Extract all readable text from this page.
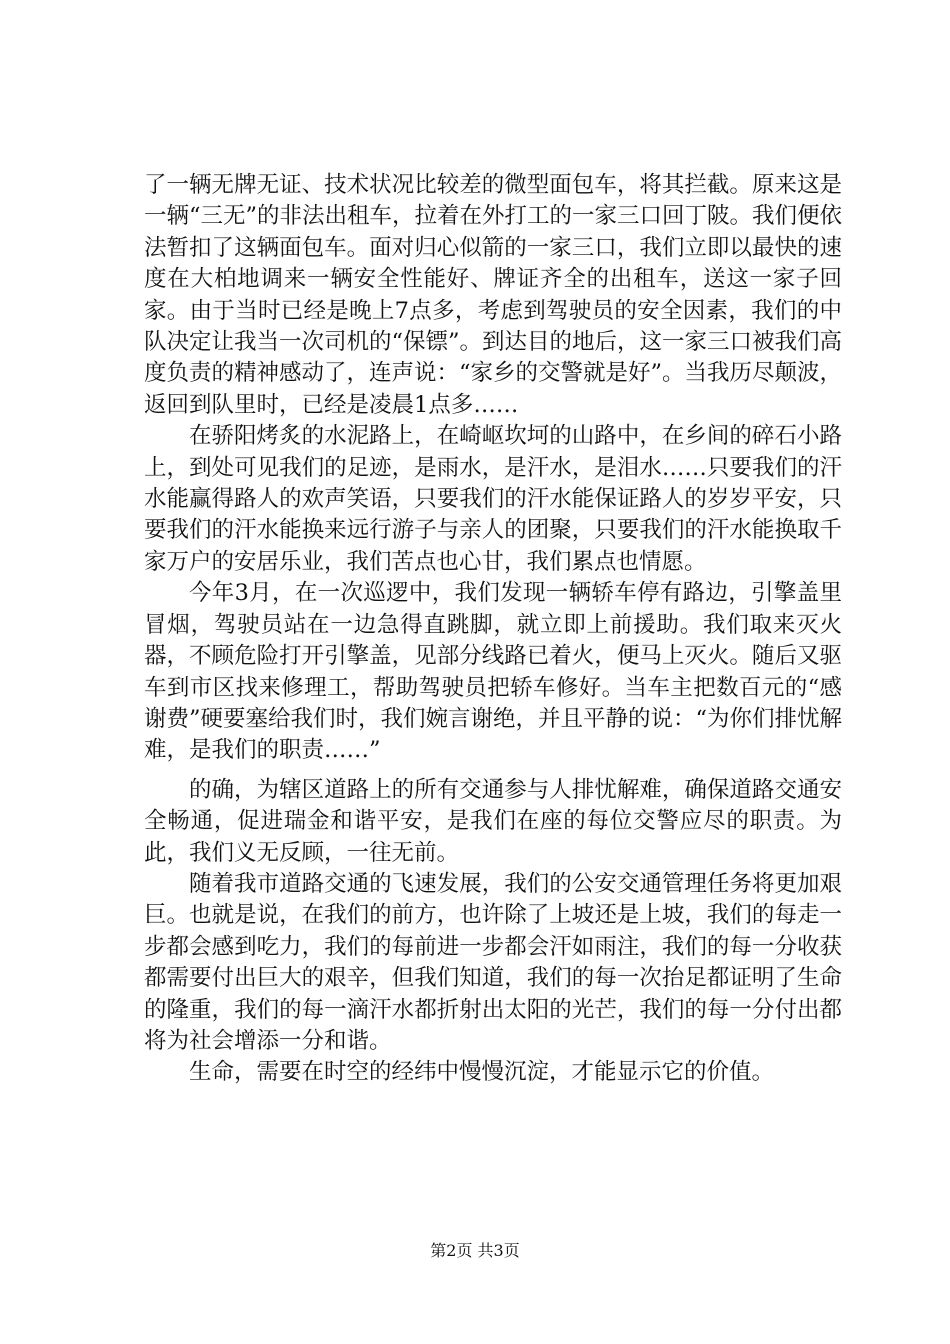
了一辆无牌无证、技术状况比较差的微型面包车，将其拦截。原来这是一辆“三无”的非法出租车，拉着在外打工的一家三口回丁陂。我们便依法暂扣了这辆面包车。面对归心似箭的一家三口，我们立即以最快的速度在大柏地调来一辆安全性能好、牌证齐全的出租车，送这一家子回家。由于当时已经是晚上7点多，考虑到驾驶员的安全因素，我们的中队决定让我当一次司机的“保镖”。到达目的地后，这一家三口被我们高度负责的精神感动了，连声说：“家乡的交警就是好”。当我历尽颠波，返回到队里时，已经是凌晨1点多……

在骄阳烤炙的水泥路上，在崎岖坎坷的山路中，在乡间的碎石小路上，到处可见我们的足迹，是雨水，是汗水，是泪水……只要我们的汗水能赢得路人的欢声笑语，只要我们的汗水能保证路人的岁岁平安，只要我们的汗水能换来远行游子与亲人的团聚，只要我们的汗水能换取千家万户的安居乐业，我们苦点也心甘，我们累点也情愿。

今年3月，在一次巡逻中，我们发现一辆轿车停有路边，引擎盖里冒烟，驾驶员站在一边急得直跳脚，就立即上前援助。我们取来灭火器，不顾危险打开引擎盖，见部分线路已着火，便马上灭火。随后又驱车到市区找来修理工，帮助驾驶员把轿车修好。当车主把数百元的“感谢费”硬要塞给我们时，我们婉言谢绝，并且平静的说：“为你们排忧解难，是我们的职责……”

的确，为辖区道路上的所有交通参与人排忧解难，确保道路交通安全畅通，促进瑞金和谐平安，是我们在座的每位交警应尽的职责。为此，我们义无反顾，一往无前。

随着我市道路交通的飞速发展，我们的公安交通管理任务将更加艰巨。也就是说，在我们的前方，也许除了上坡还是上坡，我们的每走一步都会感到吃力，我们的每前进一步都会汗如雨注，我们的每一分收获都需要付出巨大的艰辛，但我们知道，我们的每一次抬足都证明了生命的隆重，我们的每一滴汗水都折射出太阳的光芒，我们的每一分付出都将为社会增添一分和谐。

生命，需要在时空的经纬中慢慢沉淀，才能显示它的价值。

第2页 共3页
